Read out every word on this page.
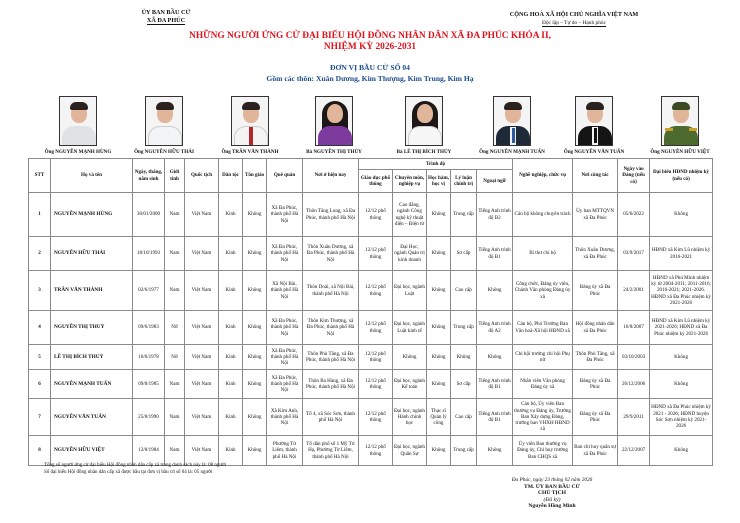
ỦY BAN BẦU CỬ
XÃ ĐA PHÚC
CỘNG HOÀ XÃ HỘI CHỦ NGHĨA VIỆT NAM
Độc lập – Tự do – Hạnh phúc
NHỮNG NGƯỜI ỨNG CỬ ĐẠI BIỂU HỘI ĐỒNG NHÂN DÂN XÃ ĐA PHÚC KHÓA II,
NHIỆM KỲ 2026-2031
ĐƠN VỊ BẦU CỬ SỐ 04
Gồm các thôn: Xuân Dương, Kim Thượng, Kim Trung, Kim Hạ
Ông NGUYỄN MẠNH HÙNG	Ông NGUYỄN HỮU THÁI	Ông TRẦN VĂN THÀNH	Bà NGUYỄN THỊ THÚY	Bà LÊ THỊ BÍCH THỦY	Ông NGUYỄN MẠNH TUẤN	Ông NGUYỄN VĂN TUẤN	Ông NGUYỄN HỮU VIỆT
STT	Họ và tên	Ngày, tháng, năm sinh	Giới tính	Quốc tịch	Dân tộc	Tôn giáo	Quê quán	Nơi ở hiện nay	Trình độ					Nghề nghiệp, chức vụ	Nơi công tác	Ngày vào Đảng (nếu có)	Đại biểu HĐND nhiệm kỳ (nếu có)
									Giáo dục phổ thông	Chuyên môn, nghiệp vụ	Học hàm, học vị	Lý luận chính trị	Ngoại ngữ				
1	NGUYỄN MẠNH HÙNG	30/01/2000	Nam	Việt Nam	Kinh	Không	Xã Đa Phúc, thành phố Hà Nội	Thôn Tăng Long, xã Đa Phúc, thành phố Hà Nội	12/12 phổ thông	Cao đẳng, ngành Công nghệ kỹ thuật điện – Điện tử	Không	Trung cấp	Tiếng Anh trình độ B2	Cán bộ không chuyên trách	Ủy ban MTTQVN xã Đa Phúc	05/6/2022	Không
2	NGUYỄN HỮU THÁI	18/10/1993	Nam	Việt Nam	Kinh	Không	Xã Đa Phúc, thành phố Hà Nội	Thôn Xuân Dương, xã Đa Phúc, thành phố Hà Nội	12/12 phổ thông	Đại Học, ngành Quản trị kinh doanh	Không	Sơ cấp	Tiếng Anh trình độ B1	Bí thư chi bộ	Thôn Xuân Dương, xã Đa Phúc	03/9/2017	HĐND xã Kim Lũ nhiệm kỳ 2016-2021
3	TRẦN VĂN THÀNH	02/6/1977	Nam	Việt Nam	Kinh	Không	Xã Nội Bài, thành phố Hà Nội	Thôn Doài, xã Nội Bài, thành phố Hà Nội	12/12 phổ thông	Đại học, ngành Luật	Không	Cao cấp	Không	Công chức, Đảng ủy viên, Chánh Văn phòng Đảng ủy xã	Đảng ủy xã Đa Phúc	24/2/2001	HĐND xã Phú Minh nhiệm kỳ từ 2004-2011; 2011-2016; 2016-2021; 2021-2026. HĐND xã Đa Phúc nhiệm kỳ 2021-2026
4	NGUYỄN THỊ THUỶ	09/6/1983	Nữ	Việt Nam	Kinh	Không	Xã Đa Phúc, thành phố Hà Nội	Thôn Kim Thượng, xã Đa Phúc, thành phố Hà Nội	12/12 phổ thông	Đại học, ngành Luật kinh tế	Không	Trung cấp	Tiếng Anh trình độ A2	Cán bộ, Phó Trưởng Ban Văn hoá-Xã hội HĐND xã	Hội đồng nhân dân xã Đa Phúc	16/8/2007	HĐND xã Kim Lũ nhiệm kỳ 2021-2026; HĐND xã Đa Phúc nhiệm kỳ 2021-2026
5	LÊ THỊ BÍCH THUỶ	16/6/1978	Nữ	Việt Nam	Kinh	Không	Xã Đa Phúc, thành phố Hà Nội	Thôn Phù Tăng, xã Đa Phúc, thành phố Hà Nội	12/12 phổ thông	Không	Không	Không	Không	Chi hội trưởng chi hội Phụ nữ	Thôn Phù Tăng, xã Đa Phúc	03/10/2003	Không
6	NGUYỄN MẠNH TUẤN	09/8/1985	Nam	Việt Nam	Kinh	Không	Xã Đa Phúc, thành phố Hà Nội	Thôn Ba Hàng, xã Đa Phúc, thành phố Hà Nội	12/12 phổ thông	Đại học, ngành Kế toán	Không	Sơ cấp	Tiếng Anh trình độ B1	Nhân viên Văn phòng Đảng ủy xã	Đảng ủy xã Đa Phúc	26/12/2006	Không
7	NGUYỄN VĂN TUẤN	25/8/1990	Nam	Việt Nam	Kinh	Không	Xã Kim Anh, thành phố Hà Nội	Tổ 4, xã Sóc Sơn, thành phố Hà Nội	12/12 phổ thông	Đại học, ngành Hành chính học	Thạc sĩ Quản lý công	Cao cấp	Tiếng Anh trình độ B1	Cán bộ, Ủy viên Ban thường vụ Đảng ủy, Trưởng Ban Xây dựng Đảng, trưởng ban VHXH HĐND xã	Đảng ủy xã Đa Phúc	29/9/2011	HĐND xã Đa Phúc nhiệm kỳ 2021 - 2026; HĐND huyện Sóc Sơn nhiệm kỳ 2021-2026
8	NGUYỄN HỮU VIỆT	12/8/1984	Nam	Việt Nam	Kinh	Không	Phường Từ Liêm, thành phố Hà Nội	Tổ dân phố số 1 Mỹ Trì Hạ, Phường Từ Liêm, thành phố Hà Nội	12/12 phổ thông	Đại học, ngành Quân Sự	Không	Trung cấp	Không	Ủy viên Ban thường vụ Đảng ủy, Chỉ huy trưởng Ban CHQS xã	Ban chỉ huy quân sự xã Đa Phúc	22/12/2007	Không
Tổng số người ứng cử đại biểu Hội đồng nhân dân cấp xã trong danh sách này là: 08 người
Số đại biểu Hội đồng nhân dân cấp xã được bầu tại đơn vị bầu cử số 04 là: 05 người
Đa Phúc, ngày 23 tháng 02 năm 2026
TM. ỦY BAN BẦU CỬ
CHỦ TỊCH
(Đã ký)
Nguyễn Hồng Minh
